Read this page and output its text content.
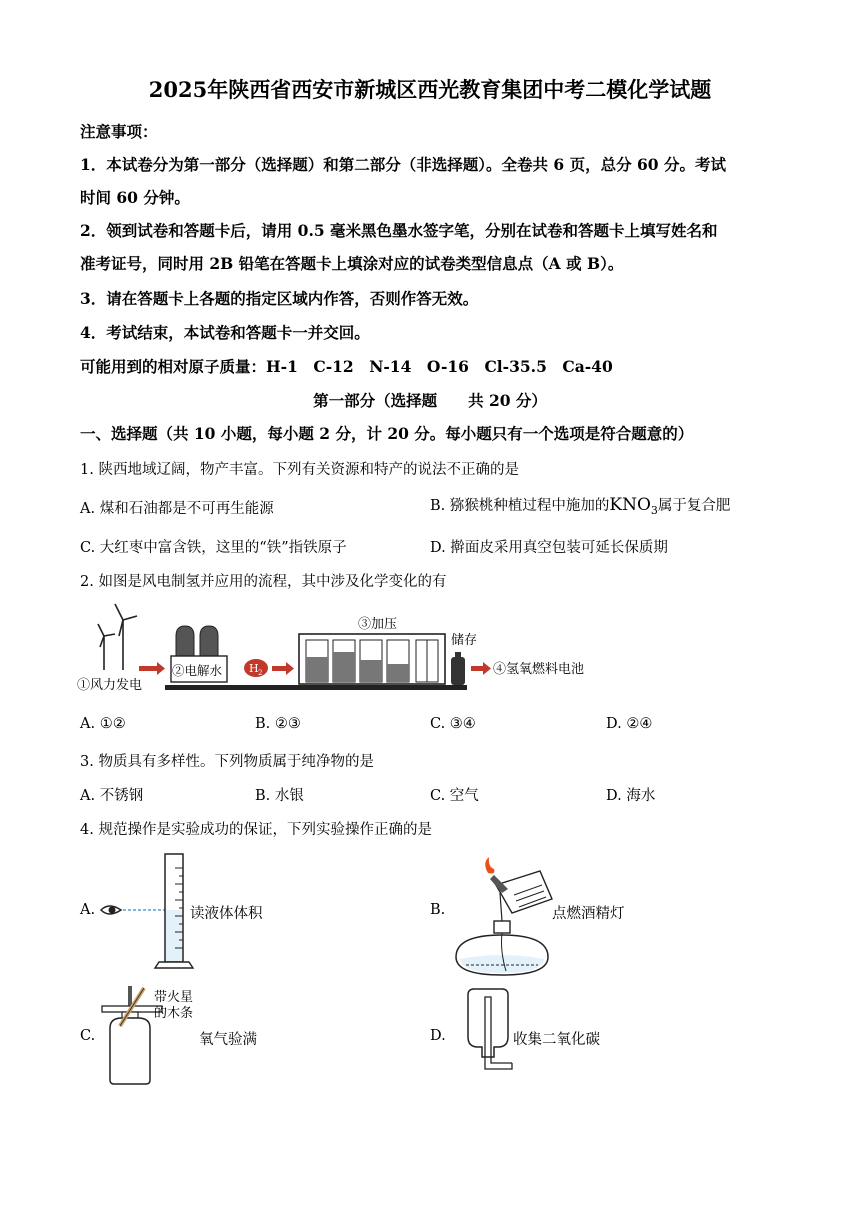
2025年陕西省西安市新城区西光教育集团中考二模化学试题
注意事项：
1．本试卷分为第一部分（选择题）和第二部分（非选择题）。全卷共 6 页，总分 60 分。考试
时间 60 分钟。
2．领到试卷和答题卡后，请用 0.5 毫米黑色墨水签字笔，分别在试卷和答题卡上填写姓名和
准考证号，同时用 2B 铅笔在答题卡上填涂对应的试卷类型信息点（A 或 B）。
3．请在答题卡上各题的指定区域内作答，否则作答无效。
4．考试结束，本试卷和答题卡一并交回。
可能用到的相对原子质量：H-1　C-12　N-14　O-16　Cl-35.5　Ca-40
第一部分（选择题　　共 20 分）
一、选择题（共 10 小题，每小题 2 分，计 20 分。每小题只有一个选项是符合题意的）
1. 陕西地域辽阔，物产丰富。下列有关资源和特产的说法不正确的是
A. 煤和石油都是不可再生能源	B. 猕猴桃种植过程中施加的$KNO_3$属于复合肥
C. 大红枣中富含铁，这里的“铁”指铁原子	D. 擀面皮采用真空包装可延长保质期
2. 如图是风电制氢并应用的流程，其中涉及化学变化的有
①风力发电
②电解水 H 2
③加压
储存
④氢氧燃料电池
A. ①②	B. ②③	C. ③④	D. ②④
3. 物质具有多样性。下列物质属于纯净物的是
A. 不锈钢	B. 水银	C. 空气	D. 海水
4. 规范操作是实验成功的保证，下列实验操作正确的是
A.	读液体体积	B.	点燃酒精灯
C.
带火星
的木条
氧气验满	D.	收集二氧化碳
